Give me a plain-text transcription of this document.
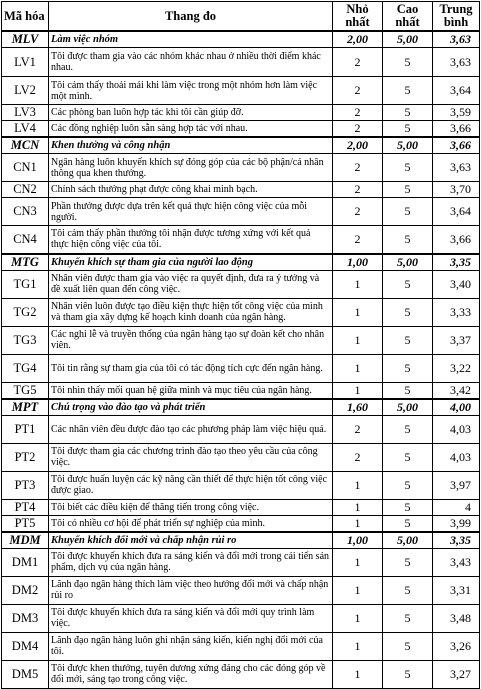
Mã hóa	Thang đo	Nhỏ nhất	Cao nhất	Trung bình
MLV	Làm việc nhóm	2,00	5,00	3,63
LV1	Tôi được tham gia vào các nhóm khác nhau ở nhiều thời điểm khác nhau.	2	5	3,63
LV2	Tôi cảm thấy thoải mái khi làm việc trong một nhóm hơn làm việc một mình.	2	5	3,64
LV3	Các phòng ban luôn hợp tác khi tôi cần giúp đỡ.	2	5	3,59
LV4	Các đồng nghiệp luôn sẵn sàng hợp tác với nhau.	2	5	3,66
MCN	Khen thưởng và công nhận	2,00	5,00	3,66
CN1	Ngân hàng luôn khuyến khích sự đóng góp của các bộ phận/cá nhân thông qua khen thưởng.	2	5	3,63
CN2	Chính sách thưởng phạt được công khai minh bạch.	2	5	3,70
CN3	Phần thưởng được dựa trên kết quả thực hiện công việc của mỗi người.	2	5	3,64
CN4	Tôi cảm thấy phần thưởng tôi nhận được tương xứng với kết quả thực hiện công việc của tôi.	2	5	3,66
MTG	Khuyến khích sự tham gia của người lao động	1,00	5,00	3,35
TG1	Nhân viên được tham gia vào việc ra quyết định, đưa ra ý tưởng và đề xuất liên quan đến công việc.	1	5	3,40
TG2	Nhân viên luôn được tạo điều kiện thực hiện tốt công việc của mình và tham gia xây dựng kế hoạch kinh doanh của ngân hàng.	1	5	3,33
TG3	Các nghi lễ và truyền thống của ngân hàng tạo sự đoàn kết cho nhân viên.	1	5	3,37
TG4	Tôi tin rằng sự tham gia của tôi có tác động tích cực đến ngân hàng.	1	5	3,22
TG5	Tôi nhìn thấy mối quan hệ giữa mình và mục tiêu của ngân hàng.	1	5	3,42
MPT	Chú trọng vào đào tạo và phát triển	1,60	5,00	4,00
PT1	Các nhân viên đều được đào tạo các phương pháp làm việc hiệu quả.	2	5	4,03
PT2	Tôi được tham gia các chương trình đào tạo theo yêu cầu của công việc.	2	5	4,03
PT3	Tôi được huấn luyện các kỹ năng cần thiết để thực hiện tốt công việc được giao.	1	5	3,97
PT4	Tôi biết các điều kiện để thăng tiến trong công việc.	1	5	4
PT5	Tôi có nhiều cơ hội để phát triển sự nghiệp của mình.	1	5	3,99
MDM	Khuyến khích đổi mới và chấp nhận rủi ro	1,00	5,00	3,35
DM1	Tôi được khuyến khích đưa ra sáng kiến và đổi mới trong cải tiến sản phẩm, dịch vụ của ngân hàng.	1	5	3,43
DM2	Lãnh đạo ngân hàng thích làm việc theo hướng đổi mới và chấp nhận rủi ro	1	5	3,31
DM3	Tôi được khuyến khích đưa ra sáng kiến và đổi mới quy trình làm việc.	1	5	3,48
DM4	Lãnh đạo ngân hàng luôn ghi nhận sáng kiến, kiến nghị đổi mới của tôi.	1	5	3,26
DM5	Tôi được khen thưởng, tuyên dương xứng đáng cho các đóng góp về đổi mới, sáng tạo trong công việc.	1	5	3,27
